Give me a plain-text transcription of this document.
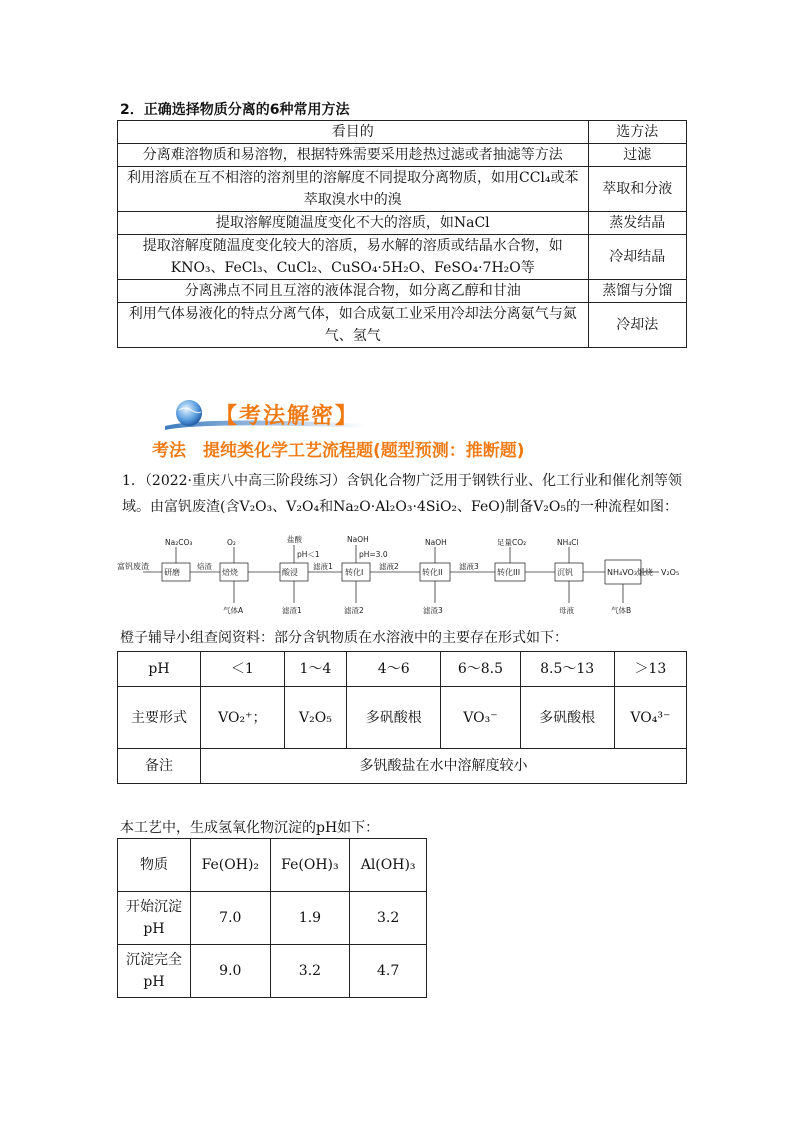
2．正确选择物质分离的6种常用方法
看目的	选方法
分离难溶物质和易溶物，根据特殊需要采用趁热过滤或者抽滤等方法	过滤
利用溶质在互不相溶的溶剂里的溶解度不同提取分离物质，如用CCl₄或苯萃取溴水中的溴	萃取和分液
提取溶解度随温度变化不大的溶质，如NaCl	蒸发结晶
提取溶解度随温度变化较大的溶质，易水解的溶质或结晶水合物，如KNO₃、FeCl₃、CuCl₂、CuSO₄·5H₂O、FeSO₄·7H₂O等	冷却结晶
分离沸点不同且互溶的液体混合物，如分离乙醇和甘油	蒸馏与分馏
利用气体易液化的特点分离气体，如合成氨工业采用冷却法分离氨气与氮气、氢气	冷却法
【考法解密】
考法　提纯类化学工艺流程题(题型预测：推断题)
1．（2022·重庆八中高三阶段练习）含钒化合物广泛用于钢铁行业、化工行业和催化剂等领域。由富钒废渣(含V₂O₃、V₂O₄和Na₂O·Al₂O₃·4SiO₂、FeO)制备V₂O₅的一种流程如图：
富钒废渣
研磨	焙烧	酸浸	转化I	转化II	转化III	沉钒	NH₄VO₃煅烧 V₂O₅
Na₂CO₃	O₂	盐酸	NaOH	NaOH	足量CO₂	NH₄Cl
pH＜1	pH=3.0
焙渣	滤液1	滤液2	滤液3
气体A	滤渣1	滤渣2	滤渣3	母液	气体B
橙子辅导小组查阅资料：部分含钒物质在水溶液中的主要存在形式如下：
pH	＜1	1～4	4～6	6～8.5	8.5～13	＞13
主要形式	VO₂⁺；	V₂O₅	多矾酸根	VO₃⁻	多矾酸根	VO₄³⁻
备注	多钒酸盐在水中溶解度较小					
本工艺中，生成氢氧化物沉淀的pH如下：
物质	Fe(OH)₂	Fe(OH)₃	Al(OH)₃
开始沉淀pH	7.0	1.9	3.2
沉淀完全pH	9.0	3.2	4.7
